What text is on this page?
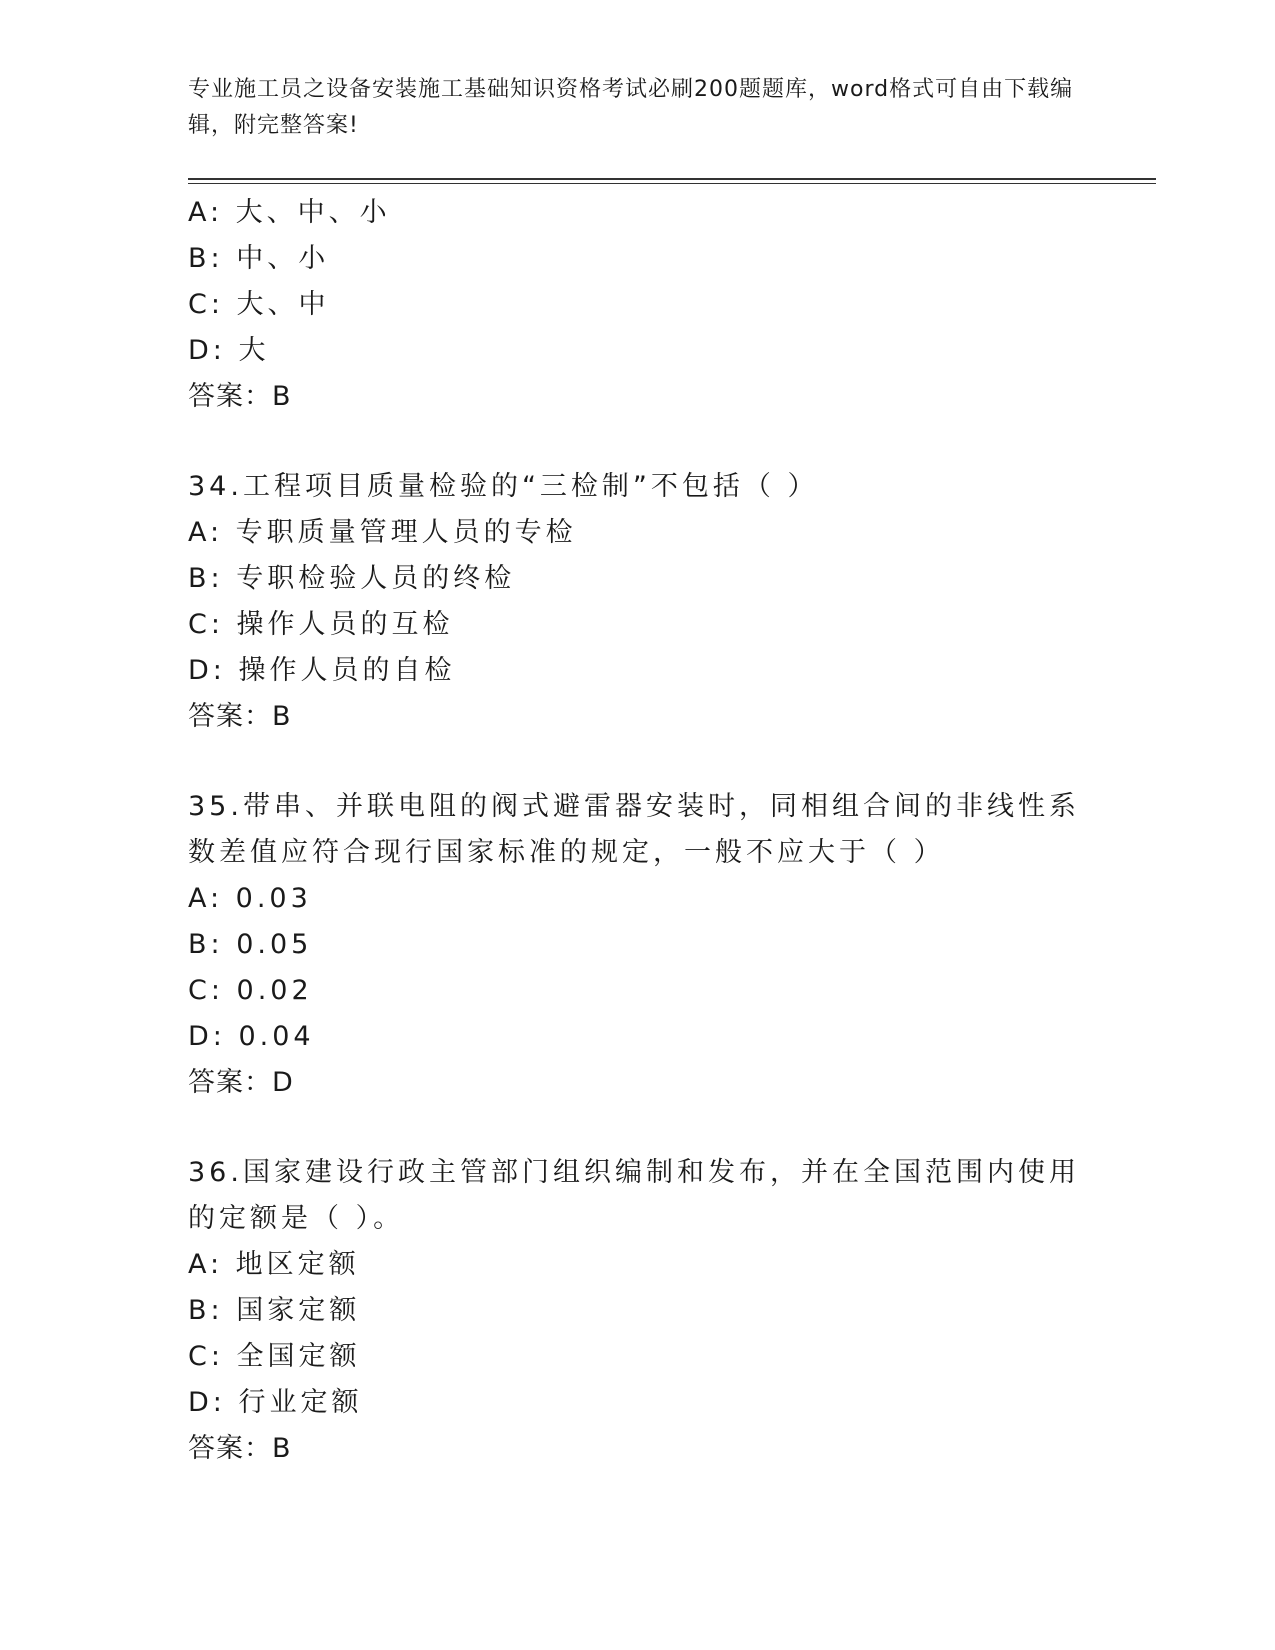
专业施工员之设备安装施工基础知识资格考试必刷200题题库，word格式可自由下载编辑，附完整答案!
A: 大、中、小
B: 中、小
C: 大、中
D: 大
答案：B
34.工程项目质量检验的“三检制”不包括（ ）
A: 专职质量管理人员的专检
B: 专职检验人员的终检
C: 操作人员的互检
D: 操作人员的自检
答案：B
35.带串、并联电阻的阀式避雷器安装时，同相组合间的非线性系数差值应符合现行国家标准的规定，一般不应大于（ ）
A: 0.03
B: 0.05
C: 0.02
D: 0.04
答案：D
36.国家建设行政主管部门组织编制和发布，并在全国范围内使用的定额是（ ）。
A: 地区定额
B: 国家定额
C: 全国定额
D: 行业定额
答案：B
